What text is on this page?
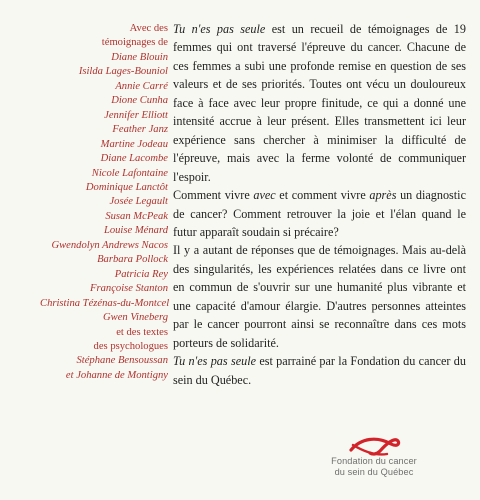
Avec des
témoignages de
Diane Blouin
Isilda Lages-Bouniol
Annie Carré
Dione Cunha
Jennifer Elliott
Feather Janz
Martine Jodeau
Diane Lacombe
Nicole Lafontaine
Dominique Lanctôt
Josée Legault
Susan McPeak
Louise Ménard
Gwendolyn Andrews Nacos
Barbara Pollock
Patricia Rey
Françoise Stanton
Christina Tézénas-du-Montcel
Gwen Vineberg
et des textes
des psychologues
Stéphane Bensoussan
et Johanne de Montigny

Tu n'es pas seule est un recueil de témoignages de 19 femmes qui ont traversé l'épreuve du cancer. Chacune de ces femmes a subi une profonde remise en question de ses valeurs et de ses priorités. Toutes ont vécu un douloureux face à face avec leur propre finitude, ce qui a donné une intensité accrue à leur présent. Elles transmettent ici leur expérience sans chercher à minimiser la difficulté de l'épreuve, mais avec la ferme volonté de communiquer l'espoir.

Comment vivre avec et comment vivre après un diagnostic de cancer? Comment retrouver la joie et l'élan quand le futur apparaît soudain si précaire?

Il y a autant de réponses que de témoignages. Mais au-delà des singularités, les expériences relatées dans ce livre ont en commun de s'ouvrir sur une humanité plus vibrante et une capacité d'amour élargie. D'autres personnes atteintes par le cancer pourront ainsi se reconnaître dans ces mots porteurs de solidarité.

Tu n'es pas seule est parrainé par la Fondation du cancer du sein du Québec.

Fondation du cancer
du sein du Québec
